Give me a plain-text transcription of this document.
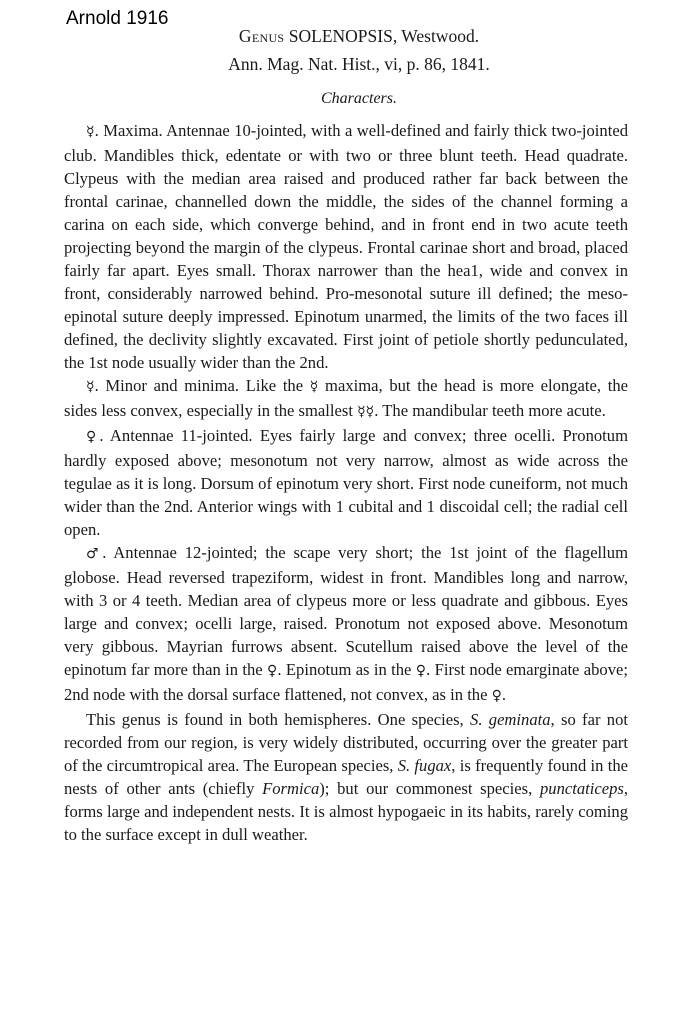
Arnold 1916
Genus SOLENOPSIS, Westwood.
Ann. Mag. Nat. Hist., vi, p. 86, 1841.
Characters.

☿. Maxima. Antennae 10-jointed, with a well-defined and fairly thick two-jointed club. Mandibles thick, edentate or with two or three blunt teeth. Head quadrate. Clypeus with the median area raised and produced rather far back between the frontal carinae, channelled down the middle, the sides of the channel forming a carina on each side, which converge behind, and in front end in two acute teeth projecting beyond the margin of the clypeus. Frontal carinae short and broad, placed fairly far apart. Eyes small. Thorax narrower than the hea1, wide and convex in front, considerably narrowed behind. Pro-mesonotal suture ill defined; the meso-epinotal suture deeply impressed. Epinotum unarmed, the limits of the two faces ill defined, the declivity slightly excavated. First joint of petiole shortly pedunculated, the 1st node usually wider than the 2nd.

☿. Minor and minima. Like the ☿ maxima, but the head is more elongate, the sides less convex, especially in the smallest ☿☿. The mandibular teeth more acute.

♀. Antennae 11-jointed. Eyes fairly large and convex; three ocelli. Pronotum hardly exposed above; mesonotum not very narrow, almost as wide across the tegulae as it is long. Dorsum of epinotum very short. First node cuneiform, not much wider than the 2nd. Anterior wings with 1 cubital and 1 discoidal cell; the radial cell open.

♂. Antennae 12-jointed; the scape very short; the 1st joint of the flagellum globose. Head reversed trapeziform, widest in front. Mandibles long and narrow, with 3 or 4 teeth. Median area of clypeus more or less quadrate and gibbous. Eyes large and convex; ocelli large, raised. Pronotum not exposed above. Mesonotum very gibbous. Mayrian furrows absent. Scutellum raised above the level of the epinotum far more than in the ♀. Epinotum as in the ♀. First node emarginate above; 2nd node with the dorsal surface flattened, not convex, as in the ♀.

This genus is found in both hemispheres. One species, S. geminata, so far not recorded from our region, is very widely distributed, occurring over the greater part of the circumtropical area. The European species, S. fugax, is frequently found in the nests of other ants (chiefly Formica); but our commonest species, punctaticeps, forms large and independent nests. It is almost hypogaeic in its habits, rarely coming to the surface except in dull weather.
